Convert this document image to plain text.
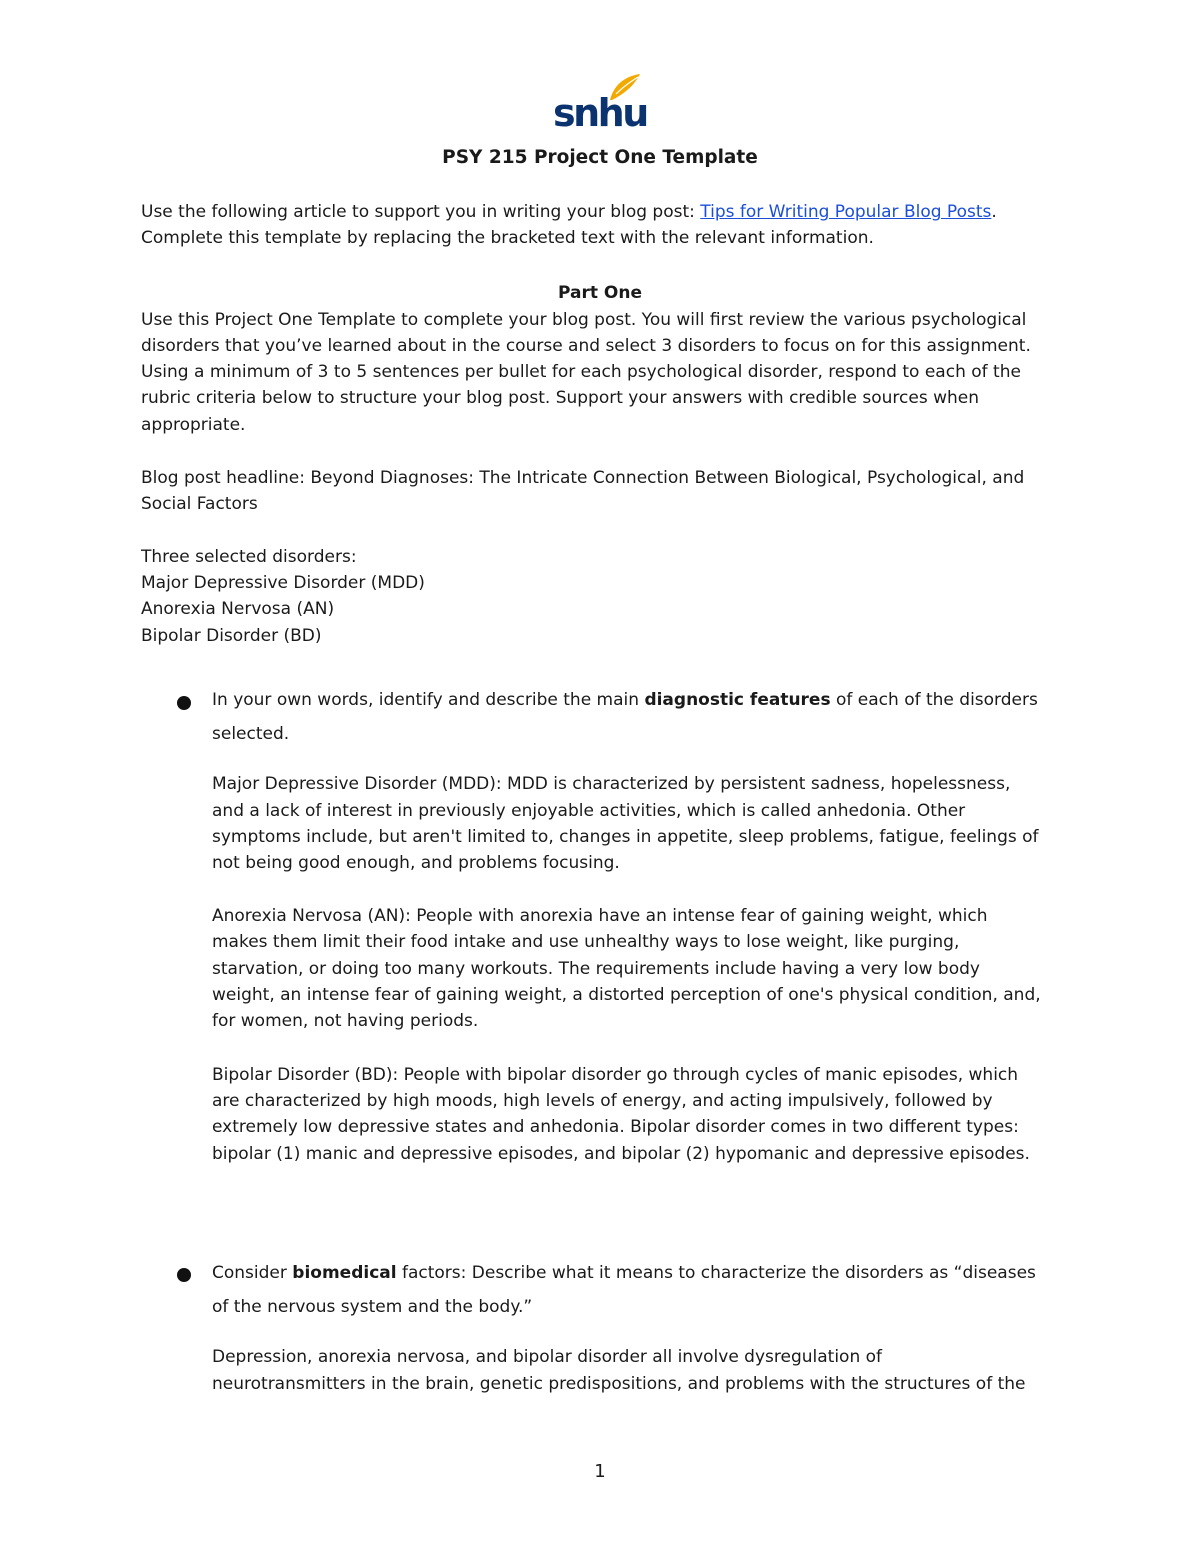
snhu
PSY 215 Project One Template
Use the following article to support you in writing your blog post: Tips for Writing Popular Blog Posts.
Complete this template by replacing the bracketed text with the relevant information.
Part One
Use this Project One Template to complete your blog post. You will first review the various psychological
disorders that you’ve learned about in the course and select 3 disorders to focus on for this assignment.
Using a minimum of 3 to 5 sentences per bullet for each psychological disorder, respond to each of the
rubric criteria below to structure your blog post. Support your answers with credible sources when
appropriate.
Blog post headline: Beyond Diagnoses: The Intricate Connection Between Biological, Psychological, and
Social Factors
Three selected disorders:
Major Depressive Disorder (MDD)
Anorexia Nervosa (AN)
Bipolar Disorder (BD)
In your own words, identify and describe the main diagnostic features of each of the disorders
selected.
Major Depressive Disorder (MDD): MDD is characterized by persistent sadness, hopelessness,
and a lack of interest in previously enjoyable activities, which is called anhedonia. Other
symptoms include, but aren't limited to, changes in appetite, sleep problems, fatigue, feelings of
not being good enough, and problems focusing.
Anorexia Nervosa (AN): People with anorexia have an intense fear of gaining weight, which
makes them limit their food intake and use unhealthy ways to lose weight, like purging,
starvation, or doing too many workouts. The requirements include having a very low body
weight, an intense fear of gaining weight, a distorted perception of one's physical condition, and,
for women, not having periods.
Bipolar Disorder (BD): People with bipolar disorder go through cycles of manic episodes, which
are characterized by high moods, high levels of energy, and acting impulsively, followed by
extremely low depressive states and anhedonia. Bipolar disorder comes in two different types:
bipolar (1) manic and depressive episodes, and bipolar (2) hypomanic and depressive episodes.
Consider biomedical factors: Describe what it means to characterize the disorders as “diseases
of the nervous system and the body.”
Depression, anorexia nervosa, and bipolar disorder all involve dysregulation of
neurotransmitters in the brain, genetic predispositions, and problems with the structures of the
1
